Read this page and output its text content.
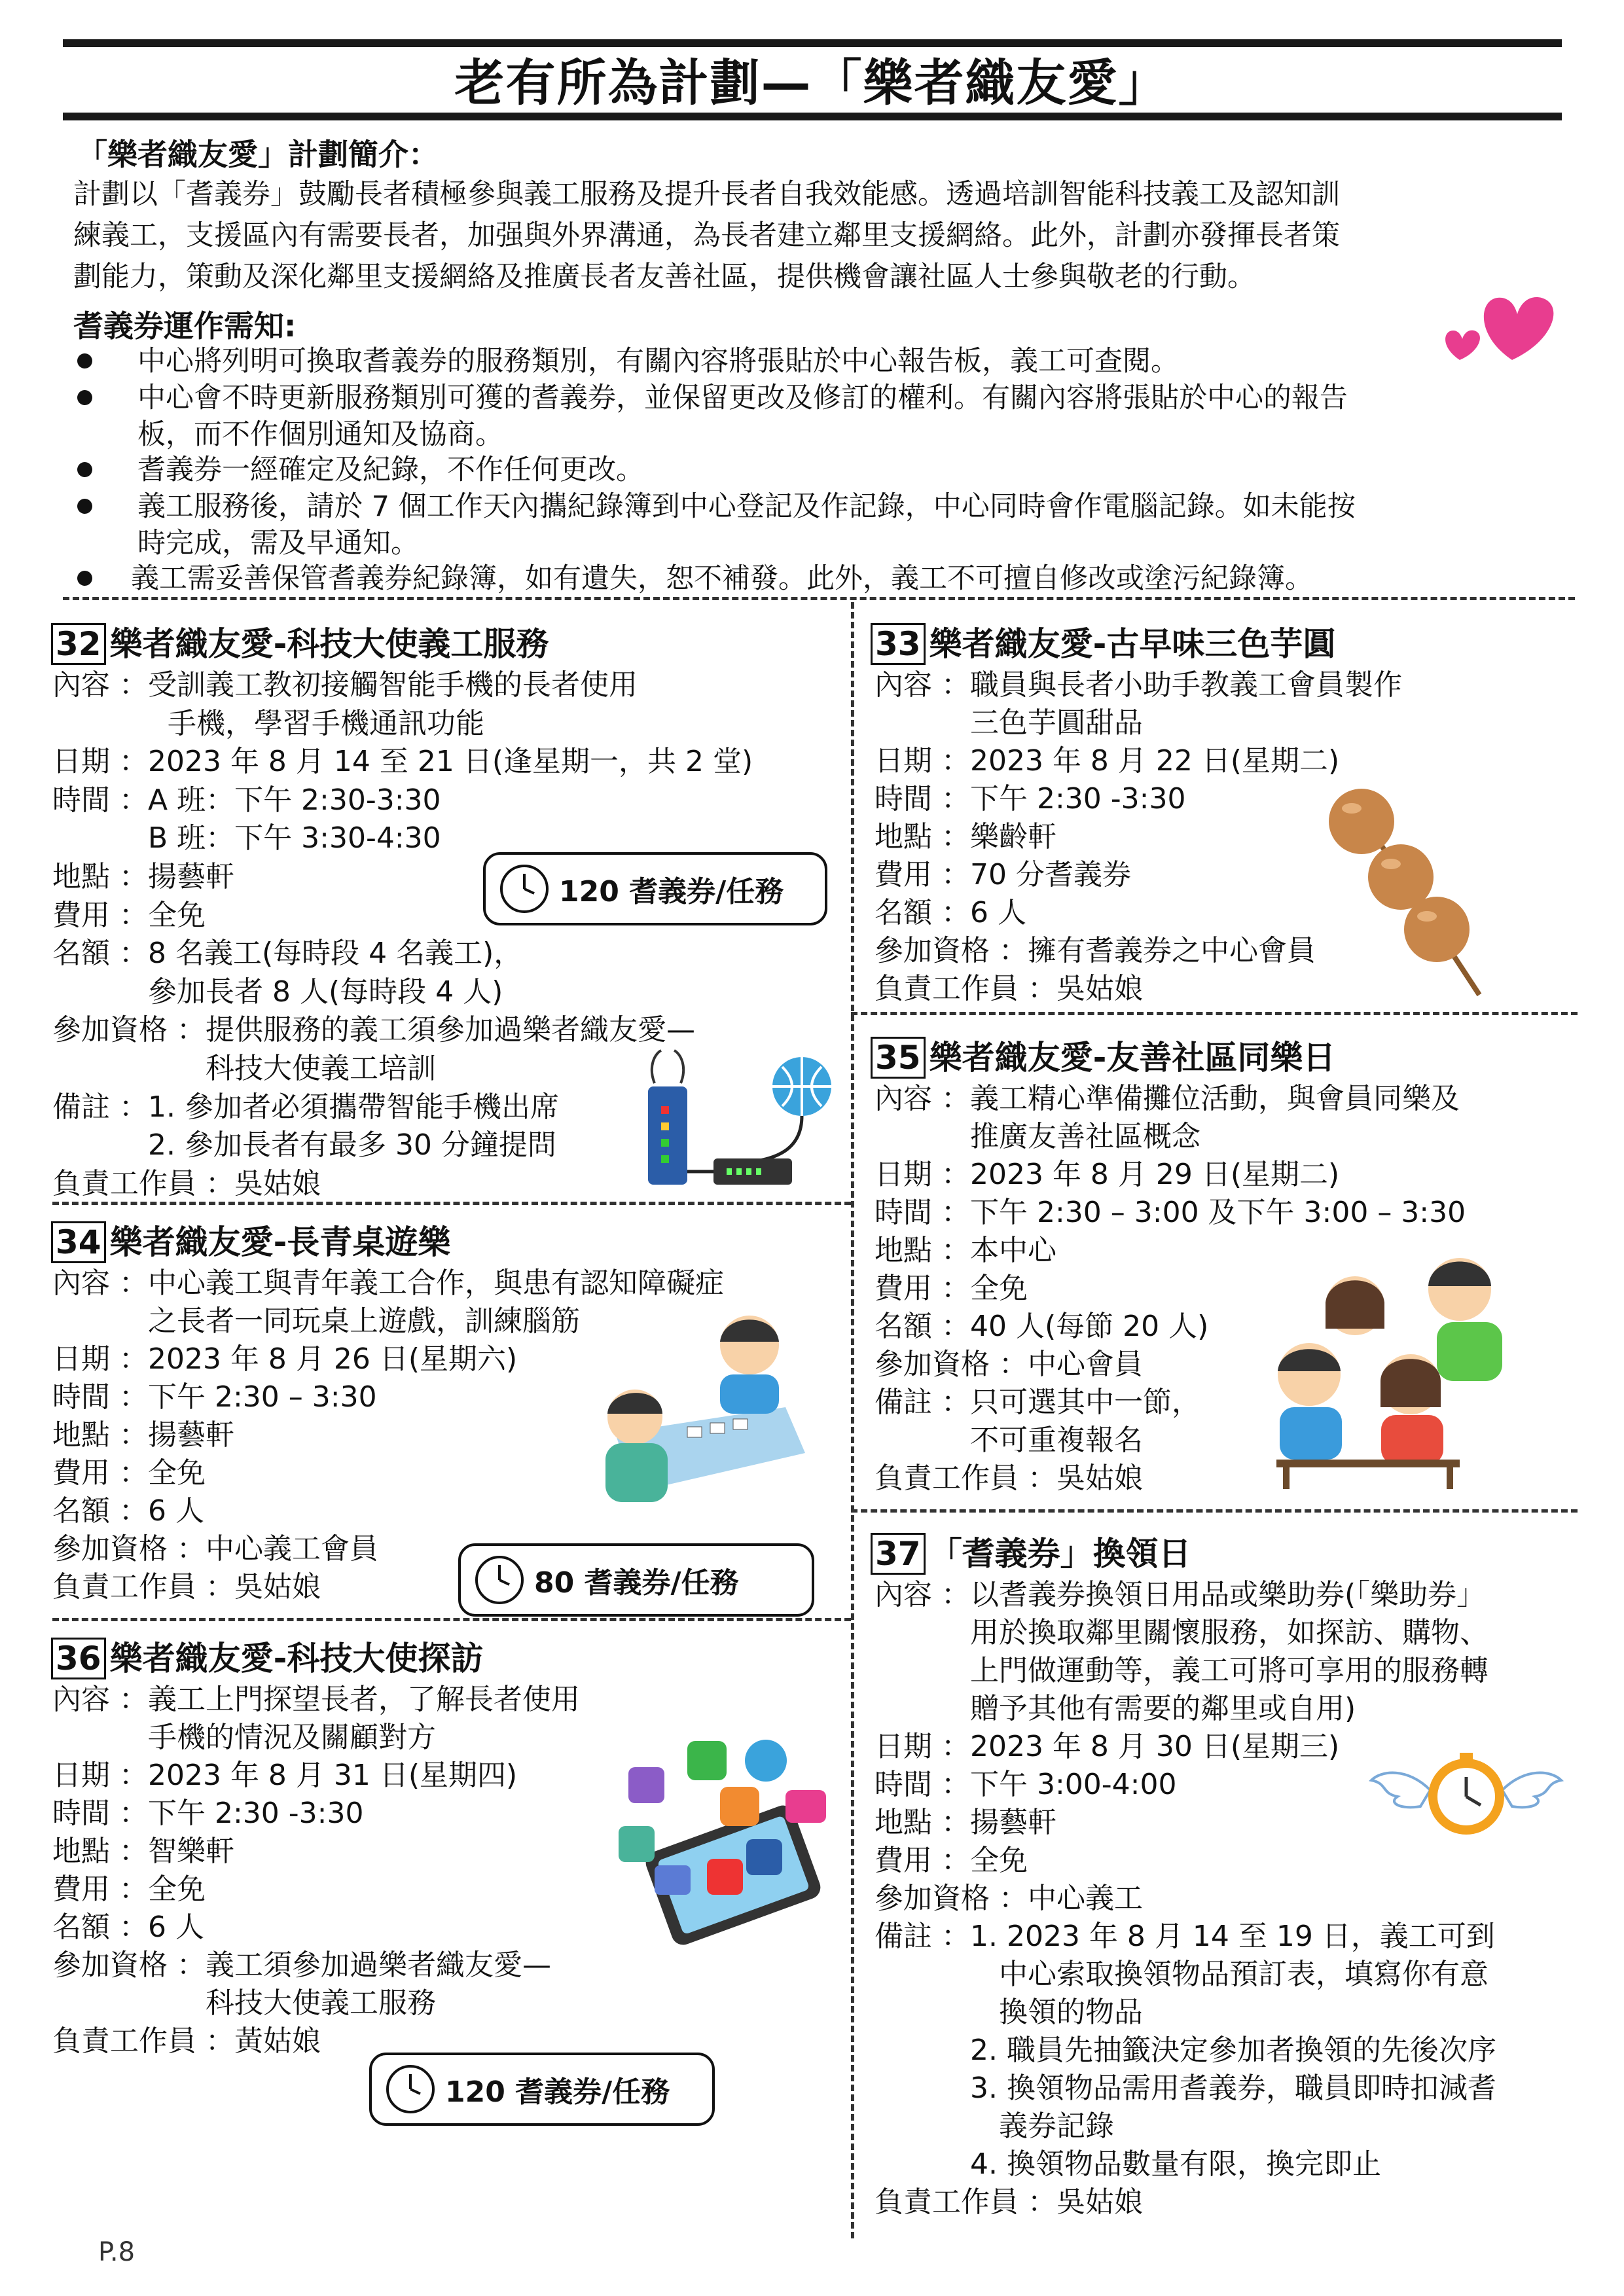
老有所為計劃—「樂者織友愛」
「樂者織友愛」計劃簡介：
計劃以「耆義券」鼓勵長者積極參與義工服務及提升長者自我效能感。透過培訓智能科技義工及認知訓
練義工，支援區內有需要長者，加强與外界溝通，為長者建立鄰里支援網絡。此外，計劃亦發揮長者策
劃能力，策動及深化鄰里支援網絡及推廣長者友善社區，提供機會讓社區人士參與敬老的行動。
耆義券運作需知:
中心將列明可換取耆義券的服務類別，有關內容將張貼於中心報告板，義工可查閱。
中心會不時更新服務類別可獲的耆義券，並保留更改及修訂的權利。有關內容將張貼於中心的報告
板，而不作個別通知及協商。
耆義券一經確定及紀錄，不作任何更改。
義工服務後，請於 7 個工作天內攜紀錄簿到中心登記及作記錄，中心同時會作電腦記錄。如未能按
時完成，需及早通知。
義工需妥善保管耆義券紀錄簿，如有遺失，恕不補發。此外，義工不可擅自修改或塗污紀錄簿。
32 樂者織友愛-科技大使義工服務
內容 ：受訓義工教初接觸智能手機的長者使用
　　　　手機，學習手機通訊功能
日期 ：2023 年 8 月 14 至 21 日(逢星期一，共 2 堂)
時間 ：A 班：下午 2:30-3:30
　　　 B 班：下午 3:30-4:30
地點 ：揚藝軒
費用 ：全免
名額 ：8 名義工(每時段 4 名義工)，
　　　 參加長者 8 人(每時段 4 人)
參加資格 ：提供服務的義工須參加過樂者織友愛—
　　　　　 科技大使義工培訓
備註 ：1. 參加者必須攜帶智能手機出席
　　　 2. 參加長者有最多 30 分鐘提問
負責工作員 ：吳姑娘
120 耆義券/任務
34 樂者織友愛-長青桌遊樂
內容 ：中心義工與青年義工合作，與患有認知障礙症
　　　 之長者一同玩桌上遊戲，訓練腦筋
日期 ：2023 年 8 月 26 日(星期六)
時間 ：下午 2:30 – 3:30
地點 ：揚藝軒
費用 ：全免
名額 ：6 人
參加資格 ：中心義工會員
負責工作員 ：吳姑娘	80 耆義券/任務
36 樂者織友愛-科技大使探訪
內容 ：義工上門探望長者，了解長者使用
　　　 手機的情況及關顧對方
日期 ：2023 年 8 月 31 日(星期四)
時間 ：下午 2:30 -3:30
地點 ：智樂軒
費用 ：全免
名額 ：6 人
參加資格 ：義工須參加過樂者織友愛—
　　　　　 科技大使義工服務
負責工作員 ：黃姑娘
120 耆義券/任務
33 樂者織友愛-古早味三色芋圓
內容 ：職員與長者小助手教義工會員製作
　　　 三色芋圓甜品
日期 ：2023 年 8 月 22 日(星期二)
時間 ：下午 2:30 -3:30
地點 ：樂齡軒
費用 ：70 分耆義券
名額 ：6 人
參加資格 ：擁有耆義券之中心會員
負責工作員 ：吳姑娘
35 樂者織友愛-友善社區同樂日
內容 ：義工精心準備攤位活動，與會員同樂及
　　　 推廣友善社區概念
日期 ：2023 年 8 月 29 日(星期二)
時間 ：下午 2:30 – 3:00 及下午 3:00 – 3:30
地點 ：本中心
費用 ：全免
名額 ：40 人(每節 20 人)
參加資格 ：中心會員
備註 ：只可選其中一節，
　　　 不可重複報名
負責工作員 ：吳姑娘
37 「耆義券」換領日
內容 ：以耆義券換領日用品或樂助券(「樂助券」
　　　 用於換取鄰里關懷服務，如探訪、購物、
　　　 上門做運動等，義工可將可享用的服務轉
　　　 贈予其他有需要的鄰里或自用)
日期 ：2023 年 8 月 30 日(星期三)
時間 ：下午 3:00-4:00
地點 ：揚藝軒
費用 ：全免
參加資格 ：中心義工
備註 ：1. 2023 年 8 月 14 至 19 日，義工可到
　　　　 中心索取換領物品預訂表，填寫你有意
　　　　 換領的物品
　　　 2. 職員先抽籤決定參加者換領的先後次序
　　　 3. 換領物品需用耆義券，職員即時扣減耆
　　　　 義券記錄
　　　 4. 換領物品數量有限，換完即止
負責工作員 ：吳姑娘
P.8
